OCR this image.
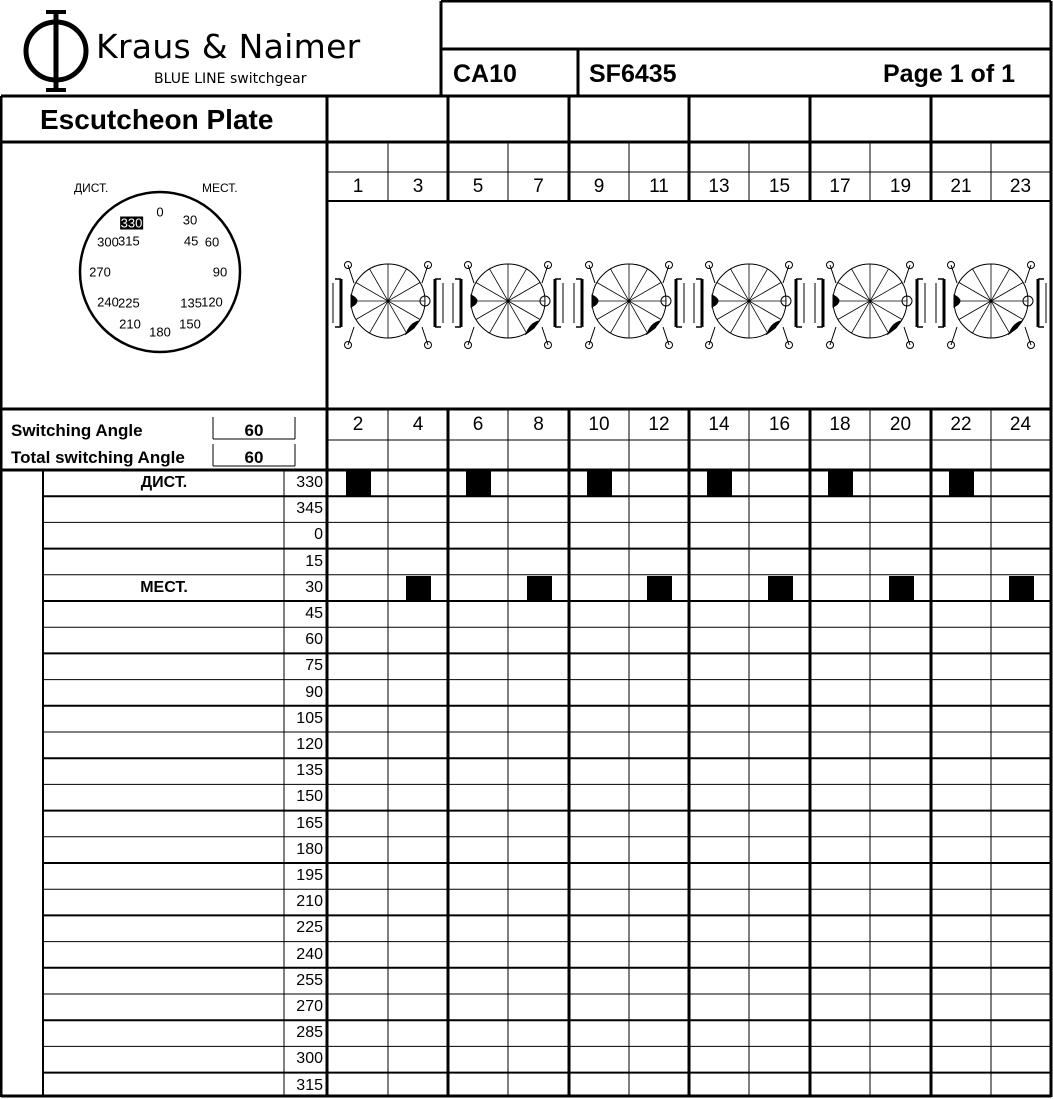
Kraus & Naimer
BLUE LINE switchgear	CA10	SF6435	Page 1 of 1
Escutcheon Plate
ДИСТ.	МЕСТ.
330
0
30
60
90
120
150
180
210
240
270
300	45
135
225
315
Switching Angle	60
Total switching Angle	60
1	3	5	7	9	11	13	15	17	19	21	23
2	4	6	8	10	12	14	16	18	20	22	24
ДИСТ.	330
345
0
15
МЕСТ.	30
45
60
75
90
105
120
135
150
165
180
195
210
225
240
255
270
285
300
315
